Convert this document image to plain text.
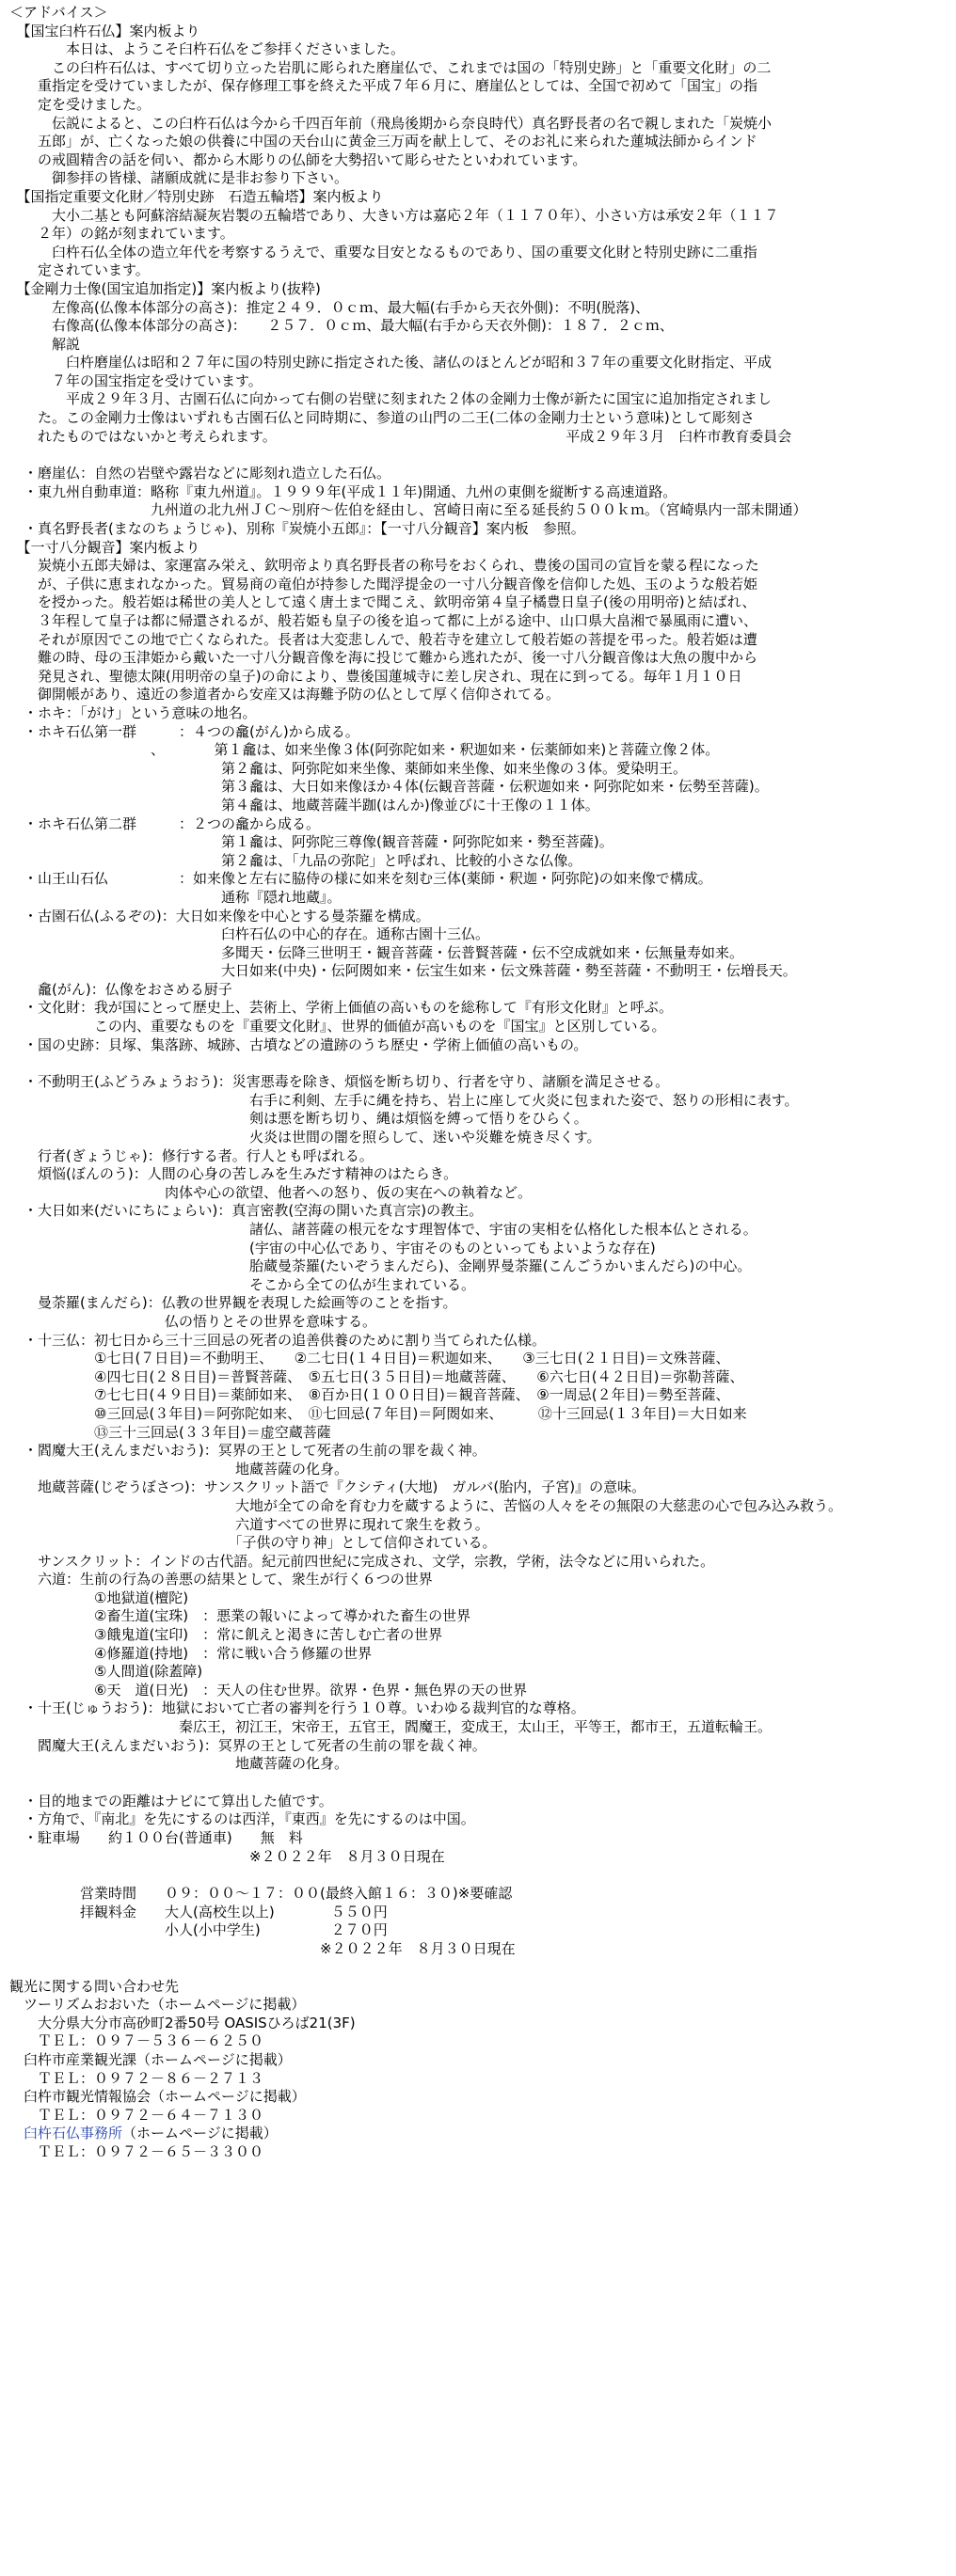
＜アドバイス＞
　【国宝臼杵石仏】案内板より
　　　　本日は、ようこそ臼杵石仏をご参拝くださいました。
　　　この臼杵石仏は、すべて切り立った岩肌に彫られた磨崖仏で、これまでは国の「特別史跡」と「重要文化財」の二
　　重指定を受けていましたが、保存修理工事を終えた平成７年６月に、磨崖仏としては、全国で初めて「国宝」の指
　　定を受けました。
　　　伝説によると、この臼杵石仏は今から千四百年前（飛鳥後期から奈良時代）真名野長者の名で親しまれた「炭焼小
　　五郎」が、亡くなった娘の供養に中国の天台山に黄金三万両を献上して、そのお礼に来られた蓮城法師からインド
　　の戒圓精舎の話を伺い、都から木彫りの仏師を大勢招いて彫らせたといわれています。
　　　御参拝の皆様、諸願成就に是非お参り下さい。
　【国指定重要文化財／特別史跡　石造五輪塔】案内板より
　　　大小二基とも阿蘇溶結凝灰岩製の五輪塔であり、大きい方は嘉応２年（１１７０年）、小さい方は承安２年（１１７
　　２年）の銘が刻まれています。
　　　臼杵石仏全体の造立年代を考察するうえで、重要な目安となるものであり、国の重要文化財と特別史跡に二重指
　　定されています。
　【金剛力士像(国宝追加指定)】案内板より(抜粋)
　　　左像高(仏像本体部分の高さ)：推定２４９．０ｃｍ、最大幅(右手から天衣外側)：不明(脱落)、
　　　右像高(仏像本体部分の高さ)：　　２５７．０ｃｍ、最大幅(右手から天衣外側)：１８７．２ｃｍ、
　　　解説
　　　　臼杵磨崖仏は昭和２７年に国の特別史跡に指定された後、諸仏のほとんどが昭和３７年の重要文化財指定、平成
　　　７年の国宝指定を受けています。
　　　　平成２９年３月、古園石仏に向かって右側の岩壁に刻まれた２体の金剛力士像が新たに国宝に追加指定されまし
　　た。この金剛力士像はいずれも古園石仏と同時期に、参道の山門の二王(二体の金剛力士という意味)として彫刻さ
　　れたものではないかと考えられます。　　　　　　　　　　　　　　　　　　　　　平成２９年３月　臼杵市教育委員会
　・磨崖仏：自然の岩壁や露岩などに彫刻れ造立した石仏。
　・東九州自動車道：略称『東九州道』。１９９９年(平成１１年)開通、九州の東側を縦断する高速道路。
　　　　　　　　　　九州道の北九州ＪＣ～別府～佐伯を経由し、宮崎日南に至る延長約５００ｋｍ。（宮崎県内一部未開通）
　・真名野長者(まなのちょうじゃ)、別称『炭焼小五郎』：【一寸八分観音】案内板　参照。
　【一寸八分観音】案内板より
　　炭焼小五郎夫婦は、家運富み栄え、欽明帝より真名野長者の称号をおくられ、豊後の国司の宣旨を蒙る程になった
　　が、子供に恵まれなかった。貿易商の竜伯が持参した聞浮提金の一寸八分観音像を信仰した処、玉のような般若姫
　　を授かった。般若姫は稀世の美人として遠く唐土まで聞こえ、欽明帝第４皇子橘豊日皇子(後の用明帝)と結ばれ、
　　３年程して皇子は都に帰還されるが、般若姫も皇子の後を追って都に上がる途中、山口県大畠湘で暴風雨に遭い、
　　それが原因でこの地で亡くなられた。長者は大変悲しんで、般若寺を建立して般若姫の菩提を弔った。般若姫は遭
　　難の時、母の玉津姫から戴いた一寸八分観音像を海に投じて難から逃れたが、後一寸八分観音像は大魚の腹中から
　　発見され、聖徳太陳(用明帝の皇子)の命により、豊後国蓮城寺に差し戻され、現在に到ってる。毎年１月１０日
　　御開帳があり、遠近の参道者から安産又は海難予防の仏として厚く信仰されてる。
　・ホキ：「がけ」という意味の地名。
　・ホキ石仏第一群　　　：４つの龕(がん)から成る。
　　　　　　　　　　、　　　　第１龕は、如来坐像３体(阿弥陀如来・釈迦如来・伝薬師如来)と菩薩立像２体。
　　　　　　　　　　　　　　　第２龕は、阿弥陀如来坐像、薬師如来坐像、如来坐像の３体。愛染明王。
　　　　　　　　　　　　　　　第３龕は、大日如来像ほか４体(伝観音菩薩・伝釈迦如来・阿弥陀如来・伝勢至菩薩)。
　　　　　　　　　　　　　　　第４龕は、地蔵菩薩半跏(はんか)像並びに十王像の１１体。
　・ホキ石仏第二群　　　：２つの龕から成る。
　　　　　　　　　　　　　　　第１龕は、阿弥陀三尊像(観音菩薩・阿弥陀如来・勢至菩薩)。
　　　　　　　　　　　　　　　第２龕は、「九品の弥陀」と呼ばれ、比較的小さな仏像。
　・山王山石仏　　　　　：如来像と左右に脇侍の様に如来を刻む三体(薬師・釈迦・阿弥陀)の如来像で構成。
　　　　　　　　　　　　　　　通称『隠れ地蔵』。
　・古園石仏(ふるぞの)：大日如来像を中心とする曼荼羅を構成。
　　　　　　　　　　　　　　　臼杵石仏の中心的存在。通称古園十三仏。
　　　　　　　　　　　　　　　多聞天・伝降三世明王・観音菩薩・伝普賢菩薩・伝不空成就如来・伝無量寿如来。
　　　　　　　　　　　　　　　大日如来(中央)・伝阿閦如来・伝宝生如来・伝文殊菩薩・勢至菩薩・不動明王・伝増長天。
　　龕(がん)：仏像をおさめる厨子
　・文化財：我が国にとって歴史上、芸術上、学術上価値の高いものを総称して『有形文化財』と呼ぶ。
　　　　　　この内、重要なものを『重要文化財』、世界的価値が高いものを『国宝』と区別している。
　・国の史跡：貝塚、集落跡、城跡、古墳などの遺跡のうち歴史・学術上価値の高いもの。
　・不動明王(ふどうみょうおう)：災害悪毒を除き、煩悩を断ち切り、行者を守り、諸願を満足させる。
　　　　　　　　　　　　　　　　　右手に利剣、左手に縄を持ち、岩上に座して火炎に包まれた姿で、怒りの形相に表す。
　　　　　　　　　　　　　　　　　剣は悪を断ち切り、縄は煩悩を縛って悟りをひらく。
　　　　　　　　　　　　　　　　　火炎は世間の闇を照らして、迷いや災難を焼き尽くす。
　　行者(ぎょうじゃ)：修行する者。行人とも呼ばれる。
　　煩悩(ぼんのう)：人間の心身の苦しみを生みだす精神のはたらき。
　　　　　　　　　　　肉体や心の欲望、他者への怒り、仮の実在への執着など。
　・大日如来(だいにちにょらい)：真言密教(空海の開いた真言宗)の教主。
　　　　　　　　　　　　　　　　　諸仏、諸菩薩の根元をなす理智体で、宇宙の実相を仏格化した根本仏とされる。
　　　　　　　　　　　　　　　　　(宇宙の中心仏であり、宇宙そのものといってもよいような存在)
　　　　　　　　　　　　　　　　　胎蔵曼荼羅(たいぞうまんだら)、金剛界曼荼羅(こんごうかいまんだら)の中心。
　　　　　　　　　　　　　　　　　そこから全ての仏が生まれている。
　　曼荼羅(まんだら)：仏教の世界観を表現した絵画等のことを指す。
　　　　　　　　　　　仏の悟りとその世界を意味する。
　・十三仏：初七日から三十三回忌の死者の追善供養のために割り当てられた仏様。
　　　　　　①七日(７日目)＝不動明王、　　②二七日(１４日目)＝釈迦如来、　　③三七日(２１日目)＝文殊菩薩、
　　　　　　④四七日(２８日目)＝普賢菩薩、　⑤五七日(３５日目)＝地蔵菩薩、　　⑥六七日(４２日目)＝弥勒菩薩、
　　　　　　⑦七七日(４９日目)＝薬師如来、　⑧百か日(１００日目)＝観音菩薩、　⑨一周忌(２年目)＝勢至菩薩、
　　　　　　⑩三回忌(３年目)＝阿弥陀如来、　⑪七回忌(７年目)＝阿閦如来、　　　⑫十三回忌(１３年目)＝大日如来
　　　　　　⑬三十三回忌(３３年目)＝虚空蔵菩薩
　・閻魔大王(えんまだいおう)：冥界の王として死者の生前の罪を裁く神。
　　　　　　　　　　　　　　　　地蔵菩薩の化身。
　　地蔵菩薩(じぞうぼさつ)：サンスクリット語で『クシティ(大地)　ガルバ(胎内，子宮)』の意味。
　　　　　　　　　　　　　　　　大地が全ての命を育む力を蔵するように、苦悩の人々をその無限の大慈悲の心で包み込み救う。
　　　　　　　　　　　　　　　　六道すべての世界に現れて衆生を救う。
　　　　　　　　　　　　　　　　「子供の守り神」として信仰されている。
　　サンスクリット：インドの古代語。紀元前四世紀に完成され、文学，宗教，学術，法令などに用いられた。
　　六道：生前の行為の善悪の結果として、衆生が行く６つの世界
　　　　　　①地獄道(檀陀)
　　　　　　②畜生道(宝珠)　：悪業の報いによって導かれた畜生の世界
　　　　　　③餓鬼道(宝印)　：常に飢えと渇きに苦しむ亡者の世界
　　　　　　④修羅道(持地)　：常に戦い合う修羅の世界
　　　　　　⑤人間道(除蓋障)
　　　　　　⑥天　道(日光)　：天人の住む世界。欲界・色界・無色界の天の世界
　・十王(じゅうおう)：地獄において亡者の審判を行う１０尊。いわゆる裁判官的な尊格。
　　　　　　　　　　　　秦広王，初江王，宋帝王，五官王，閻魔王，変成王，太山王，平等王，都市王，五道転輪王。
　　閻魔大王(えんまだいおう)：冥界の王として死者の生前の罪を裁く神。
　　　　　　　　　　　　　　　　地蔵菩薩の化身。
　・目的地までの距離はナビにて算出した値です。
　・方角で、『南北』を先にするのは西洋，『東西』を先にするのは中国。
　・駐車場　　約１００台(普通車)　　無　料
　　　　　　　　　　　　　　　　　※２０２２年　８月３０日現在
　　　　　営業時間　　０９：００～１７：００(最終入館１６：３０)※要確認
　　　　　拝観料金　　大人(高校生以上)　　　　５５０円
　　　　　　　　　　　小人(小中学生)　　　　　２７０円
　　　　　　　　　　　　　　　　　　　　　　※２０２２年　８月３０日現在
観光に関する問い合わせ先
　ツーリズムおおいた（ホームページに掲載）
　　大分県大分市高砂町2番50号 OASISひろば21(3F)
　　ＴＥＬ：０９７－５３６－６２５０
　臼杵市産業観光課（ホームページに掲載）
　　ＴＥＬ：０９７２－８６－２７１３
　臼杵市観光情報協会（ホームページに掲載）
　　ＴＥＬ：０９７２－６４－７１３０
　臼杵石仏事務所（ホームページに掲載）
　　ＴＥＬ：０９７２－６５－３３００
